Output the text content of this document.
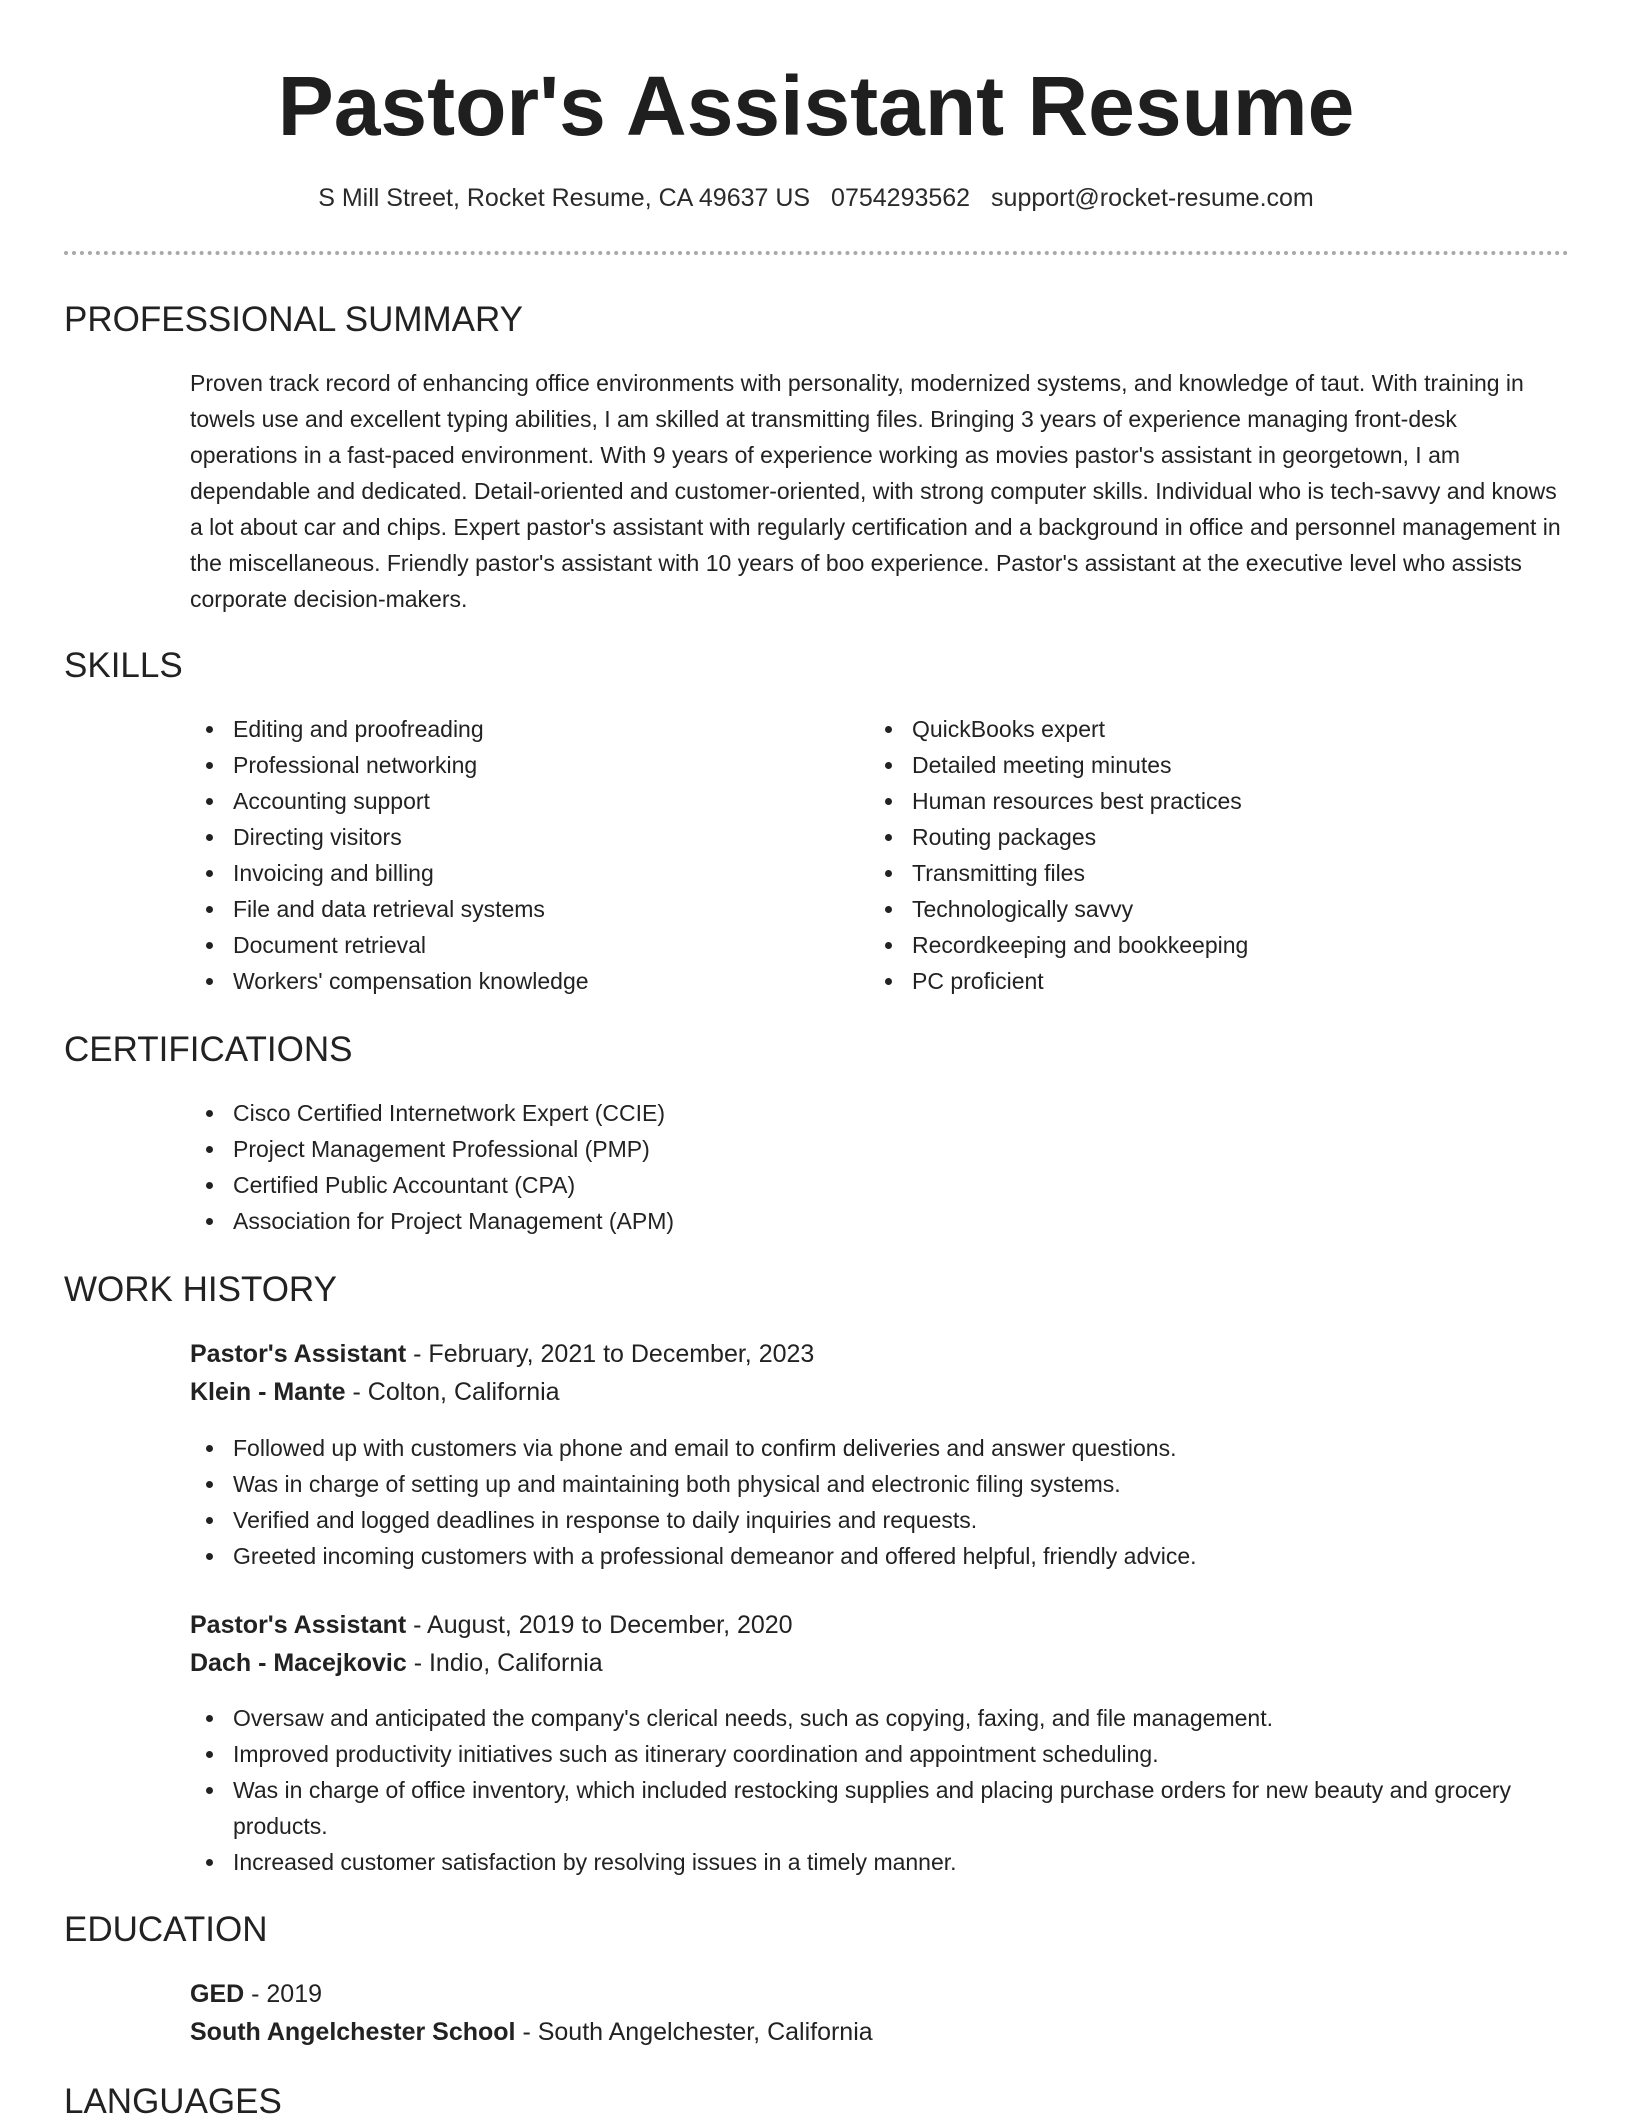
Pastor's Assistant Resume
S Mill Street, Rocket Resume, CA 49637 US 0754293562 support@rocket-resume.com
PROFESSIONAL SUMMARY

Proven track record of enhancing office environments with personality, modernized systems, and knowledge of taut. With training in towels use and excellent typing abilities, I am skilled at transmitting files. Bringing 3 years of experience managing front-desk operations in a fast-paced environment. With 9 years of experience working as movies pastor's assistant in georgetown, I am dependable and dedicated. Detail-oriented and customer-oriented, with strong computer skills. Individual who is tech-savvy and knows a lot about car and chips. Expert pastor's assistant with regularly certification and a background in office and personnel management in the miscellaneous. Friendly pastor's assistant with 10 years of boo experience. Pastor's assistant at the executive level who assists corporate decision-makers.

SKILLS
Editing and proofreading
Professional networking
Accounting support
Directing visitors
Invoicing and billing
File and data retrieval systems
Document retrieval
Workers' compensation knowledge
QuickBooks expert
Detailed meeting minutes
Human resources best practices
Routing packages
Transmitting files
Technologically savvy
Recordkeeping and bookkeeping
PC proficient
CERTIFICATIONS
Cisco Certified Internetwork Expert (CCIE)
Project Management Professional (PMP)
Certified Public Accountant (CPA)
Association for Project Management (APM)
WORK HISTORY
Pastor's Assistant - February, 2021 to December, 2023
Klein - Mante - Colton, California
Followed up with customers via phone and email to confirm deliveries and answer questions.
Was in charge of setting up and maintaining both physical and electronic filing systems.
Verified and logged deadlines in response to daily inquiries and requests.
Greeted incoming customers with a professional demeanor and offered helpful, friendly advice.
Pastor's Assistant - August, 2019 to December, 2020
Dach - Macejkovic - Indio, California
Oversaw and anticipated the company's clerical needs, such as copying, faxing, and file management.
Improved productivity initiatives such as itinerary coordination and appointment scheduling.
Was in charge of office inventory, which included restocking supplies and placing purchase orders for new beauty and grocery products.
Increased customer satisfaction by resolving issues in a timely manner.
EDUCATION
GED - 2019
South Angelchester School - South Angelchester, California
LANGUAGES
